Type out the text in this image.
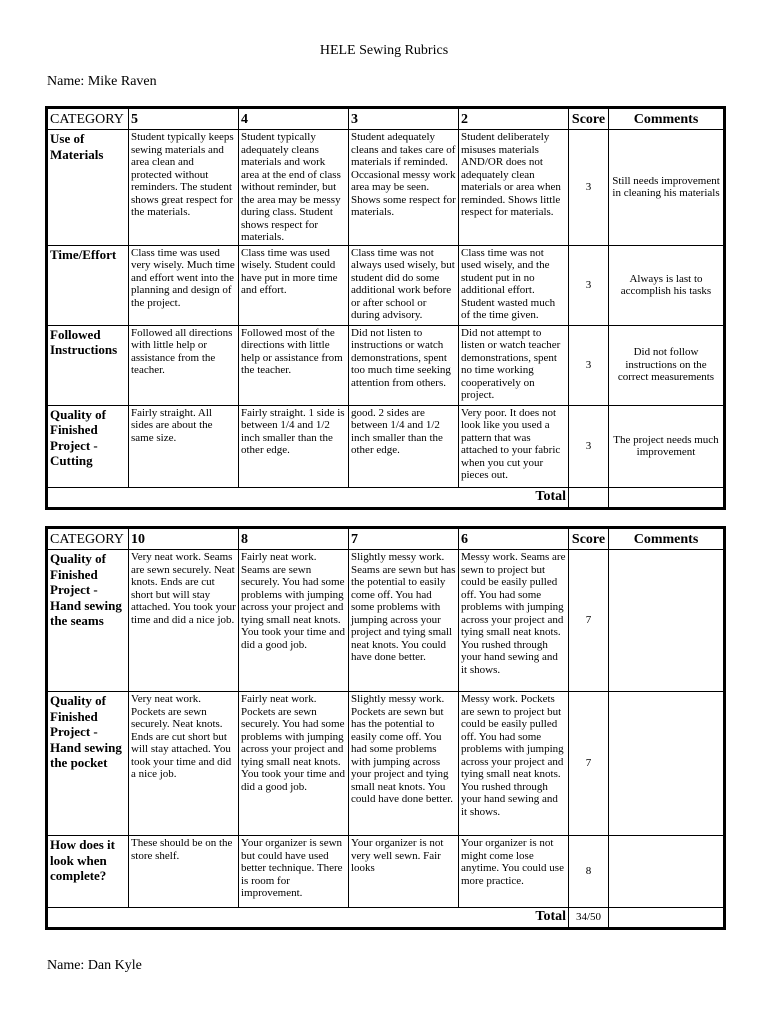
HELE Sewing Rubrics
Name: Mike Raven
CATEGORY	5	4	3	2	Score	Comments
Use of Materials	Student typically keeps sewing materials and area clean and protected without reminders. The student shows great respect for the materials.	Student typically adequately cleans materials and work area at the end of class without reminder, but the area may be messy during class. Student shows respect for materials.	Student adequately cleans and takes care of materials if reminded. Occasional messy work area may be seen. Shows some respect for materials.	Student deliberately misuses materials AND/OR does not adequately clean materials or area when reminded. Shows little respect for materials.	3	Still needs improvement in cleaning his materials
Time/Effort	Class time was used very wisely. Much time and effort went into the planning and design of the project.	Class time was used wisely. Student could have put in more time and effort.	Class time was not always used wisely, but student did do some additional work before or after school or during advisory.	Class time was not used wisely, and the student put in no additional effort. Student wasted much of the time given.	3	Always is last to accomplish his tasks
Followed Instructions	Followed all directions with little help or assistance from the teacher.	Followed most of the directions with little help or assistance from the teacher.	Did not listen to instructions or watch demonstrations, spent too much time seeking attention from others.	Did not attempt to listen or watch teacher demonstrations, spent no time working cooperatively on project.	3	Did not follow instructions on the correct measurements
Quality of Finished Project - Cutting	Fairly straight. All sides are about the same size.	Fairly straight. 1 side is between 1/4 and 1/2 inch smaller than the other edge.	good. 2 sides are between 1/4 and 1/2 inch smaller than the other edge.	Very poor. It does not look like you used a pattern that was attached to your fabric when you cut your pieces out.	3	The project needs much improvement
Total						
CATEGORY	10	8	7	6	Score	Comments
Quality of Finished Project - Hand sewing the seams	Very neat work. Seams are sewn securely. Neat knots. Ends are cut short but will stay attached. You took your time and did a nice job.	Fairly neat work. Seams are sewn securely. You had some problems with jumping across your project and tying small neat knots. You took your time and did a good job.	Slightly messy work. Seams are sewn but has the potential to easily come off. You had some problems with jumping across your project and tying small neat knots. You could have done better.	Messy work. Seams are sewn to project but could be easily pulled off. You had some problems with jumping across your project and tying small neat knots. You rushed through your hand sewing and it shows.	7	
Quality of Finished Project - Hand sewing the pocket	Very neat work. Pockets are sewn securely. Neat knots. Ends are cut short but will stay attached. You took your time and did a nice job.	Fairly neat work. Pockets are sewn securely. You had some problems with jumping across your project and tying small neat knots. You took your time and did a good job.	Slightly messy work. Pockets are sewn but has the potential to easily come off. You had some problems with jumping across your project and tying small neat knots. You could have done better.	Messy work. Pockets are sewn to project but could be easily pulled off. You had some problems with jumping across your project and tying small neat knots. You rushed through your hand sewing and it shows.	7	
How does it look when complete?	These should be on the store shelf.	Your organizer is sewn but could have used better technique. There is room for improvement.	Your organizer is not very well sewn. Fair looks	Your organizer is not might come lose anytime. You could use more practice.	8	
Total					34/50	
Name: Dan Kyle
